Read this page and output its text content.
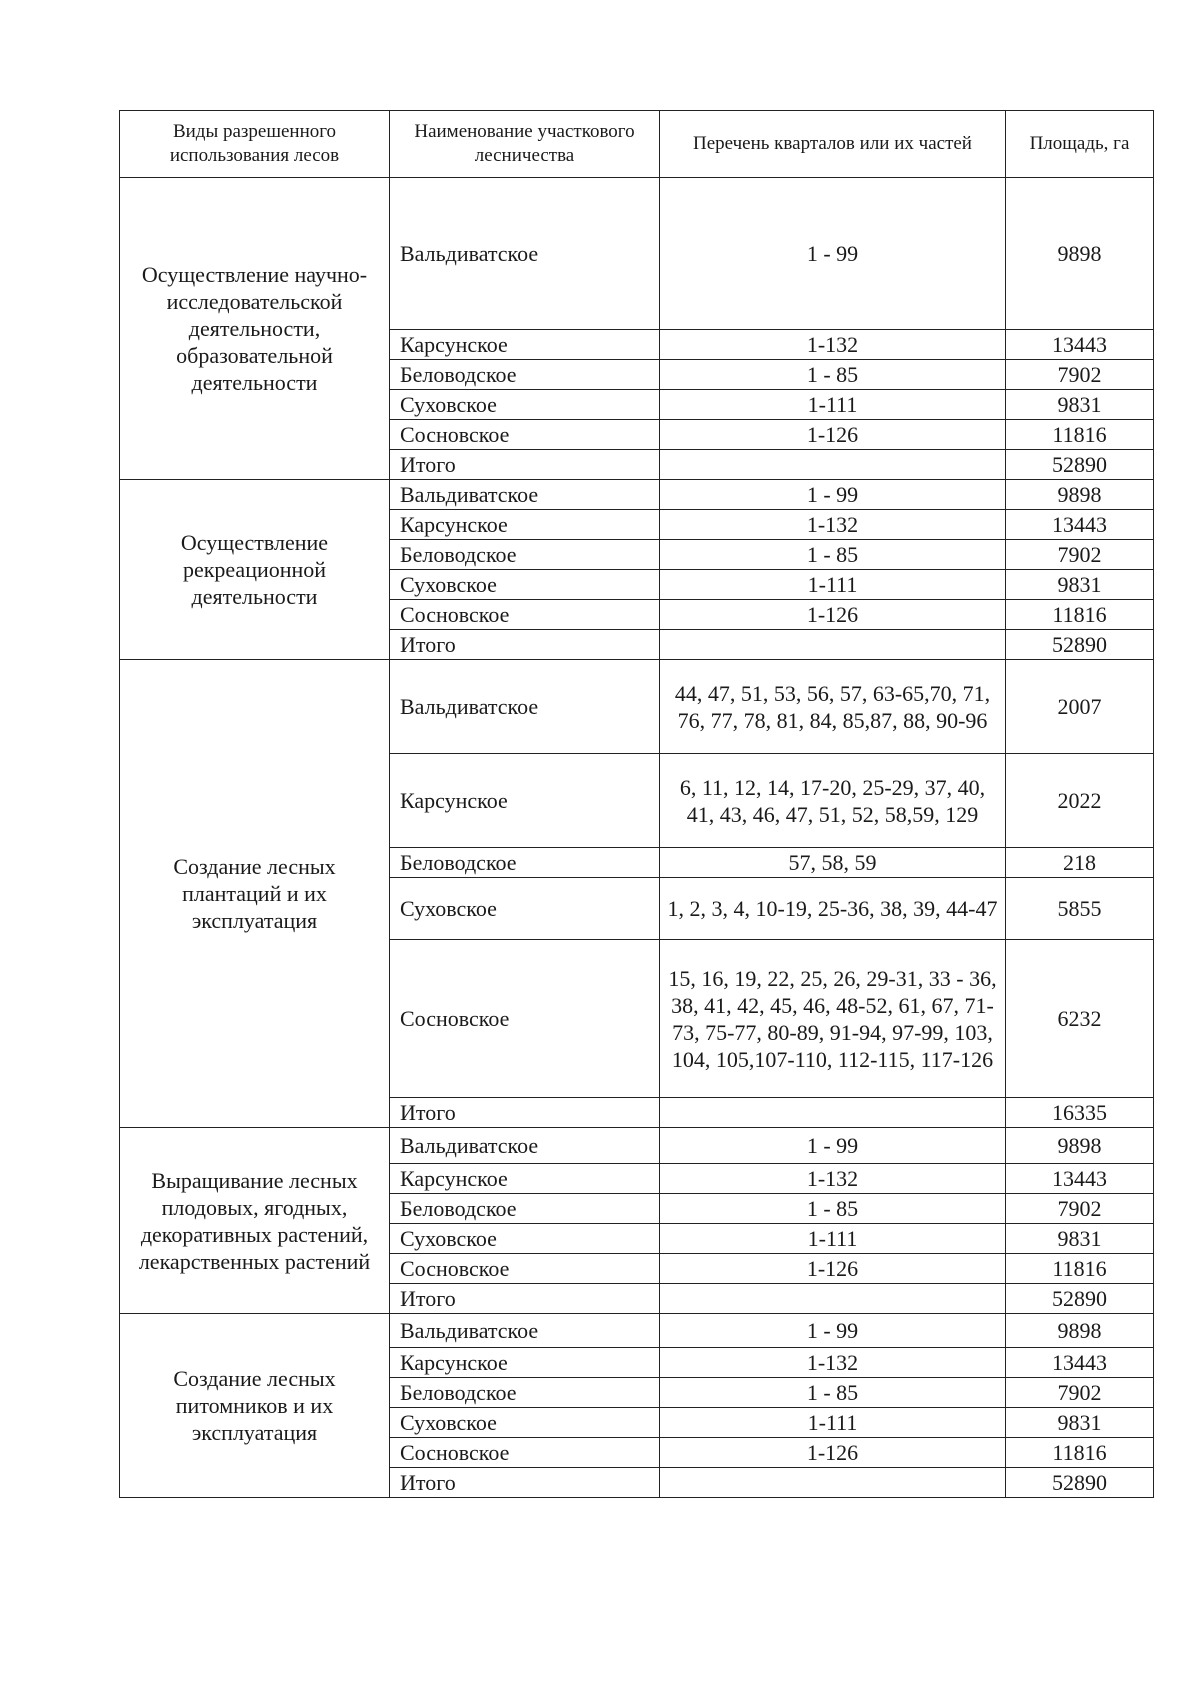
Виды разрешенного использования лесов	Наименование участкового лесничества	Перечень кварталов или их частей	Площадь, га
Осуществление научно-исследовательской деятельности, образовательной деятельности	Вальдиватское	1 - 99	9898
	Карсунское	1-132	13443
	Беловодское	1 - 85	7902
	Суховское	1-111	9831
	Сосновское	1-126	11816
	Итого		52890
Осуществление рекреационной деятельности	Вальдиватское	1 - 99	9898
	Карсунское	1-132	13443
	Беловодское	1 - 85	7902
	Суховское	1-111	9831
	Сосновское	1-126	11816
	Итого		52890
Создание лесных плантаций и их эксплуатация	Вальдиватское	44, 47, 51, 53, 56, 57, 63-65,70, 71, 76, 77, 78, 81, 84, 85,87, 88, 90-96	2007
	Карсунское	6, 11, 12, 14, 17-20, 25-29, 37, 40, 41, 43, 46, 47, 51, 52, 58,59, 129	2022
	Беловодское	57, 58, 59	218
	Суховское	1, 2, 3, 4, 10-19, 25-36, 38, 39, 44-47	5855
	Сосновское	15, 16, 19, 22, 25, 26, 29-31, 33 - 36, 38, 41, 42, 45, 46, 48-52, 61, 67, 71-73, 75-77, 80-89, 91-94, 97-99, 103, 104, 105,107-110, 112-115, 117-126	6232
	Итого		16335
Выращивание лесных плодовых, ягодных, декоративных растений, лекарственных растений	Вальдиватское	1 - 99	9898
	Карсунское	1-132	13443
	Беловодское	1 - 85	7902
	Суховское	1-111	9831
	Сосновское	1-126	11816
	Итого		52890
Создание лесных питомников и их эксплуатация	Вальдиватское	1 - 99	9898
	Карсунское	1-132	13443
	Беловодское	1 - 85	7902
	Суховское	1-111	9831
	Сосновское	1-126	11816
	Итого		52890
